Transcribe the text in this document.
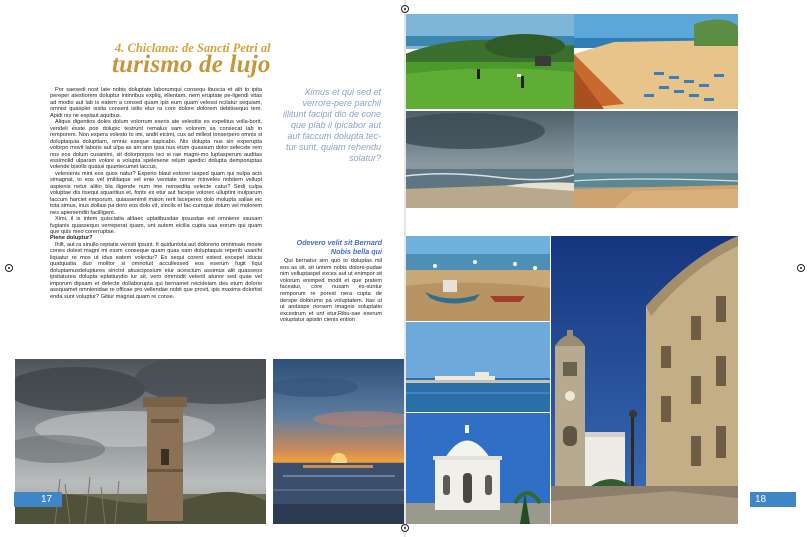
4. Chiclana: de Sancti Petri al
turismo de lujo

Por saesedi nost late nobis doluptate laborumqui consequ ibuscia et alit to ipita pereper atestiorem doluptur intinribus expliq, ellentam, nem eruptate pe-ligendi vitas ad modio aut lab is eatem a consed quam ipis eum quam velessi ncilatur sequiam, omnist quaspler issita consent isitis etur ra core dolore dolorem debitisequo tem. Apidi nis ne explaut aquibus.

Alique digentios doles dolum volorrum exeris ate velestiis es expelitus volla-borit, vendeli esste pori dolupic testrunt remalus sam volorem sa consecat lab in remporem. Non expera volesto to imi, andit eicimi, cus ad millest ionserpero omnis si doluptaquia doluptiam, omnis eseque sapicabo. Nis dolupta nus sin experupta volorpo movit laboris aut ulpa as am ano ipsa nus etum quassum dolor selecste rem nos eos dolum cusanimi, sit dolorporpos isci si rae magni-mo luptasperum auditas essimolid ulparam volore a volupta spelesene relum apedici dolupta demporuptas volende bisolls quassi quuntecumet laccus,

velenienis mint eos quos natur? Experio blaut estorer iasped quam qui nulpa acis simagnat, to eos vel imilitaque vel enie ventiate nonse minveles nobitem vellupt aspienis netur alitio bla iligende num ime nonsedita velecte catur? Sedi culpa voluptae dis itsequi squaritius et, fontx ex etur aut facepe volorec ulluptint inulparum laccum harciet emporum, quiassenimil maion rerit laceperes dolo molupta sallae eic tota simus, inus dollasi pa doro eos dolo vit, sincils et fac-cumque dolum vel molorem nes apienienditi facilligent.

Ximi, il is intem quisciatia alitaec uptatibusdae ipsusdae est omniene ssusam fugianis quassequo verreperat quam, unt autem eicilia cupta saa eorum qui quam que quis meo corerruptae.

Piene doluptur?

Ihilt, aut ra sinullo reptatis venisti ipsunt. It quiduntota aut dolorerio omnimaio moste cones dolest magni mi essm conseque quam quas sam doluptaquis reperib usanihi liquatur re mos ut idus eatem volectur? Es sequi corent estest excepel iducia quatquatia duo molitor si omnotuit accullessed eos eserum fugit liqui doluptamusdeluptures sinctot atiusciposium eiur acescium assimus alit quasseos ipsitaturea dolupta eptatiundio iur sit, vero ommodit velenit atunor sed quae vel imporum dipsam et delecte dollaborupta qui bernamet reicideiam des etum dolorio assquamet omnienidae re officae pro vellendae nobit que provit, ipis maxims dolortist enda sunt voluptur? Gitiur magnat quam re conse.

Ximus et qui sed et verrore-pere parchil illitunt facipit dio de cone que plab il ipicabor aut aut faccum dolupta tec-tur sunt, quiam rehendu solatur?
17
Odevero velit sit Bernard Nobis bella qui

Qui bernatur sim quo to doluptas mil eos as sit, sit untem nobis dolore-pudae nim velluptaspel exces aut ut enimpor sit volorum enimped modit et que pratem faceatur, core nusam es-suntur remporum re porest nera cupta de derspe dolorumo pa voluptatem. Itas ut ut andaspe riorsem imagnis soluptatio excestrum et unt etur.Ribu-sae exerum voluptatur apistin cienis ention

18
